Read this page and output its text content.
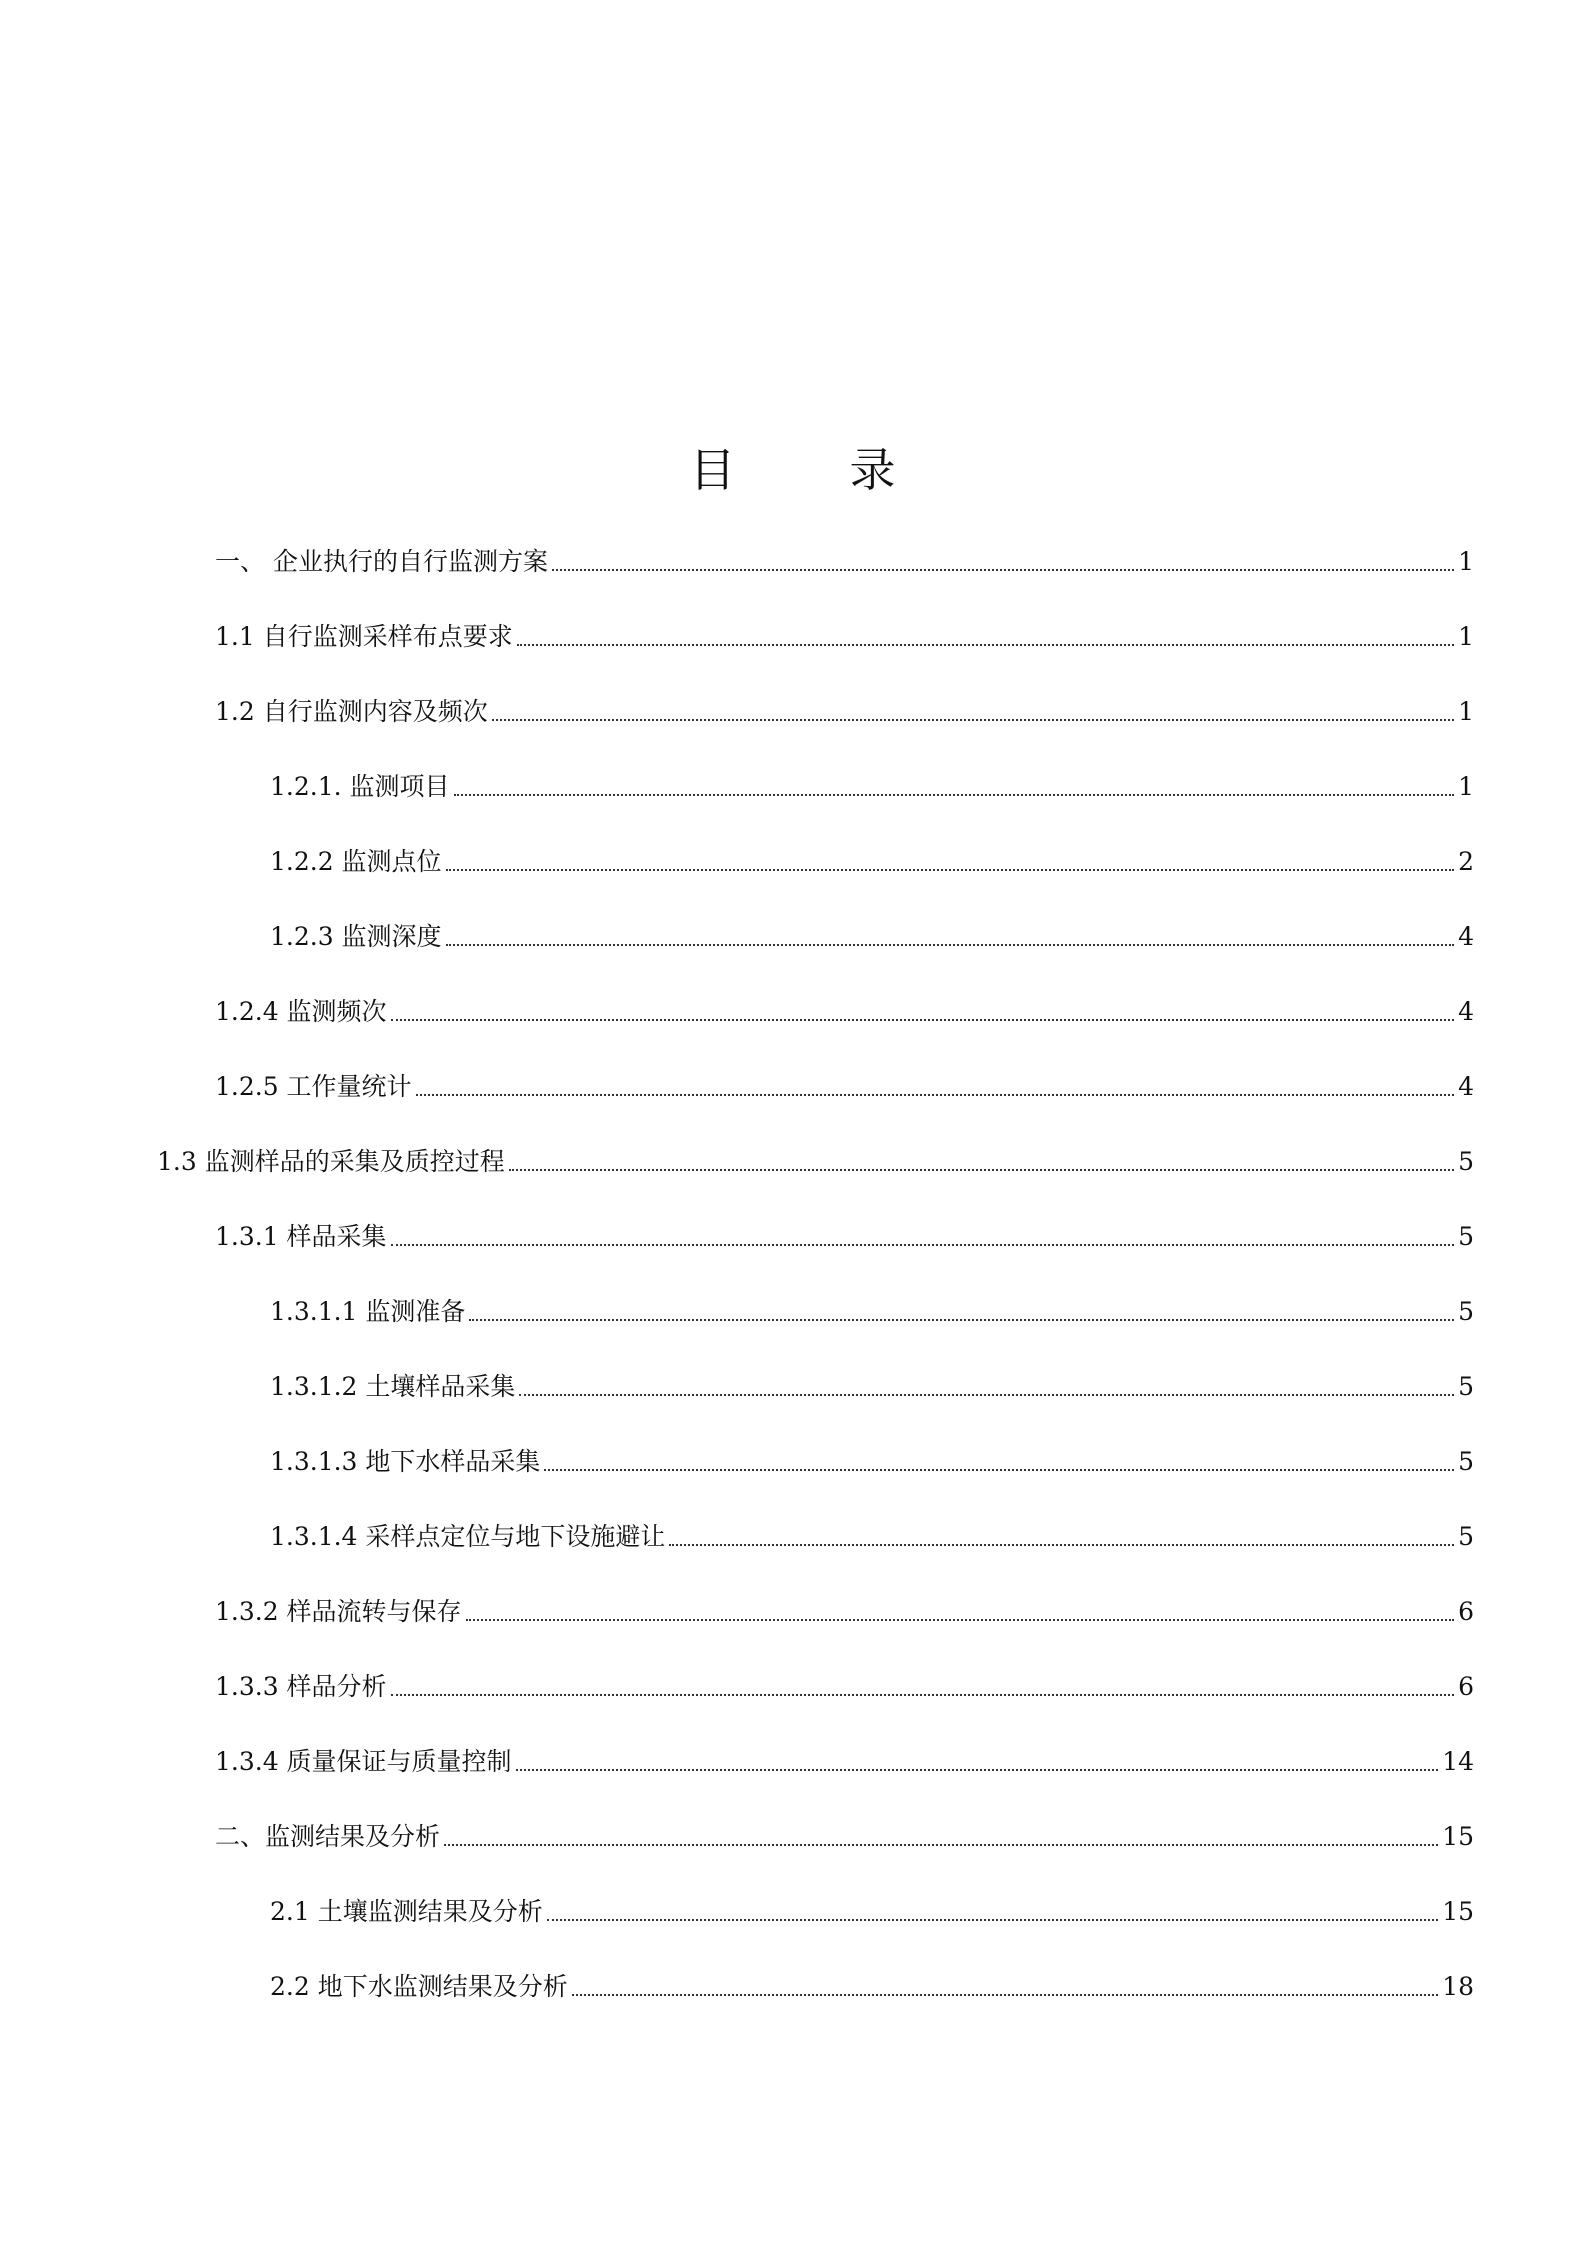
目 录
一、 企业执行的自行监测方案	1
1.1 自行监测采样布点要求	1
1.2 自行监测内容及频次	1
1.2.1. 监测项目	1
1.2.2 监测点位	2
1.2.3 监测深度	4
1.2.4 监测频次	4
1.2.5 工作量统计	4
1.3 监测样品的采集及质控过程	5
1.3.1 样品采集	5
1.3.1.1 监测准备	5
1.3.1.2 土壤样品采集	5
1.3.1.3 地下水样品采集	5
1.3.1.4 采样点定位与地下设施避让	5
1.3.2 样品流转与保存	6
1.3.3 样品分析	6
1.3.4 质量保证与质量控制	14
二、监测结果及分析	15
2.1 土壤监测结果及分析	15
2.2 地下水监测结果及分析	18
